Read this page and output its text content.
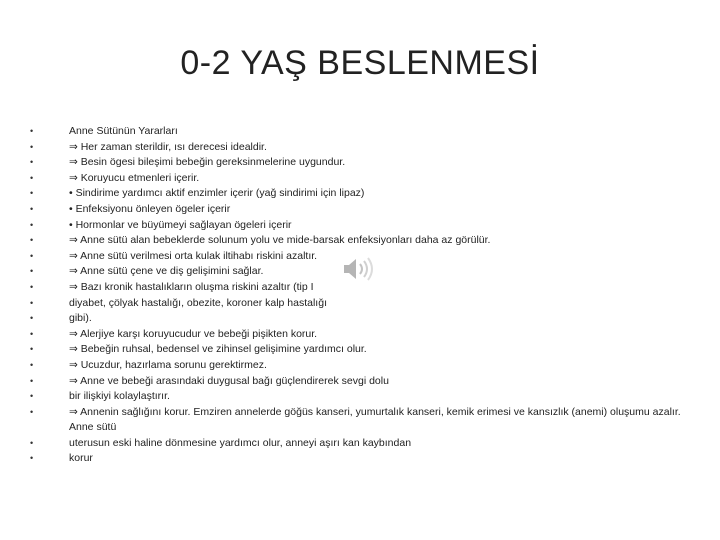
0-2 YAŞ BESLENMESİ
•	Anne Sütünün Yararları
•	⇒ Her zaman sterildir, ısı derecesi idealdir.
•	⇒ Besin ögesi bileşimi bebeğin gereksinmelerine uygundur.
•	⇒ Koruyucu etmenleri içerir.
•	• Sindirime yardımcı aktif enzimler içerir (yağ sindirimi için lipaz)
•	• Enfeksiyonu önleyen ögeler içerir
•	• Hormonlar ve büyümeyi sağlayan ögeleri içerir
•	⇒ Anne sütü alan bebeklerde solunum yolu ve mide-barsak enfeksiyonları daha az görülür.
•	⇒ Anne sütü verilmesi orta kulak iltihabı riskini azaltır.
•	⇒ Anne sütü çene ve diş gelişimini sağlar.
•	⇒ Bazı kronik hastalıkların oluşma riskini azaltır (tip I
•	diyabet, çölyak hastalığı, obezite, koroner kalp hastalığı
•	gibi).
•	⇒ Alerjiye karşı koruyucudur ve bebeği pişikten korur.
•	⇒ Bebeğin ruhsal, bedensel ve zihinsel gelişimine yardımcı olur.
•	⇒ Ucuzdur, hazırlama sorunu gerektirmez.
•	⇒ Anne ve bebeği arasındaki duygusal bağı güçlendirerek sevgi dolu
•	bir ilişkiyi kolaylaştırır.
•	⇒ Annenin sağlığını korur. Emziren annelerde göğüs kanseri, yumurtalık kanseri, kemik erimesi ve kansızlık (anemi) oluşumu azalır. Anne sütü
•	uterusun eski haline dönmesine yardımcı olur, anneyi aşırı kan kaybından
•	korur
